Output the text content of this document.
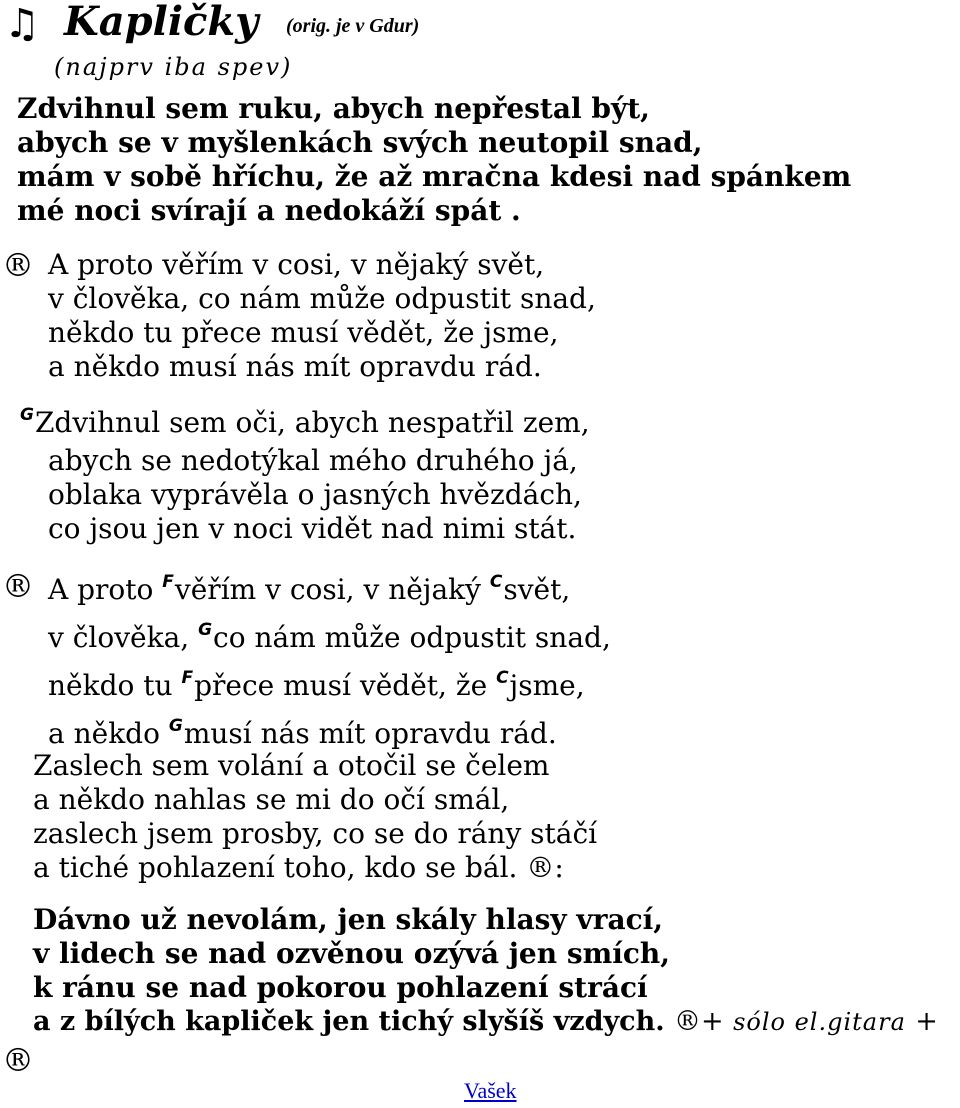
♫ Kapličky (orig. je v Gdur)
(najprv iba spev)
Zdvihnul sem ruku, abych nepřestal být,
abych se v myšlenkách svých neutopil snad,
mám v sobě hříchu, že až mračna kdesi nad spánkem
mé noci svírají a nedokáží spát .
® A proto věřím v cosi, v nějaký svět,
v člověka, co nám může odpustit snad,
někdo tu přece musí vědět, že jsme,
a někdo musí nás mít opravdu rád.
$^G$Zdvihnul sem oči, abych nespatřil zem,
abych se nedotýkal mého druhého já,
oblaka vyprávěla o jasných hvězdách,
co jsou jen v noci vidět nad nimi stát.
® A proto $^F$věřím v cosi, v nějaký $^C$svět,
v člověka, $^G$co nám může odpustit snad,
někdo tu $^F$přece musí vědět, že $^C$jsme,
a někdo $^G$musí nás mít opravdu rád.
Zaslech sem volání a otočil se čelem
a někdo nahlas se mi do očí smál,
zaslech jsem prosby, co se do rány stáčí
a tiché pohlazení toho, kdo se bál. ®:
Dávno už nevolám, jen skály hlasy vrací,
v lidech se nad ozvěnou ozývá jen smích,
k ránu se nad pokorou pohlazení strácí
a z bílých kapliček jen tichý slyšíš vzdych. ®+ sólo el.gitara +
®
Vašek
